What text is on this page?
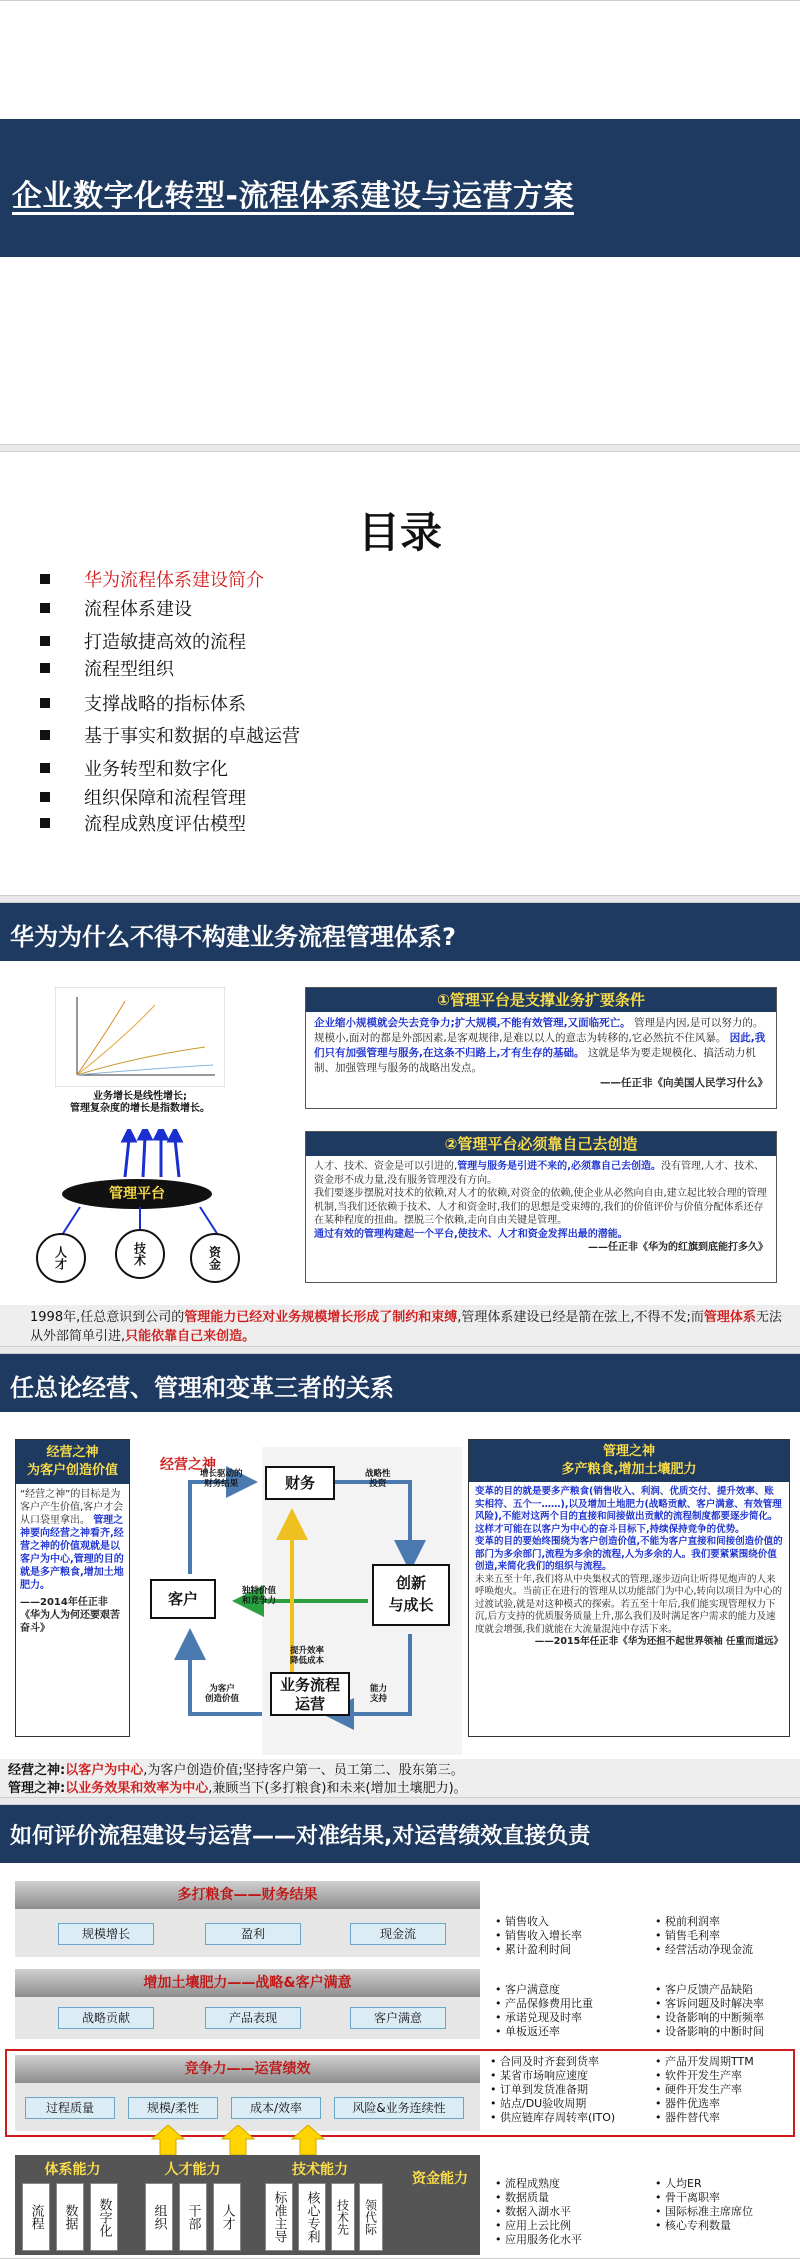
企业数字化转型-流程体系建设与运营方案
目录
华为流程体系建设简介
流程体系建设
打造敏捷高效的流程
流程型组织
支撑战略的指标体系
基于事实和数据的卓越运营
业务转型和数字化
组织保障和流程管理
流程成熟度评估模型
华为为什么不得不构建业务流程管理体系?
业务增长是线性增长;
管理复杂度的增长是指数增长。
管理平台
人才	技术	资金
①管理平台是支撑业务扩要条件
企业缩小规模就会失去竞争力;扩大规模,不能有效管理,又面临死亡。 管理是内因,是可以努力的。规模小,面对的都是外部因素,是客观规律,是难以以人的意志为转移的,它必然抗不住风暴。 因此,我们只有加强管理与服务,在这条不归路上,才有生存的基础。 这就是华为要走规模化、搞活动力机制、加强管理与服务的战略出发点。
——任正非《向美国人民学习什么》
②管理平台必须靠自己去创造
人才、技术、资金是可以引进的,管理与服务是引进不来的,必须靠自己去创造。没有管理,人才、技术、资金形不成力量,没有服务管理没有方向。
我们要逐步摆脱对技术的依赖,对人才的依赖,对资金的依赖,使企业从必然向自由,建立起比较合理的管理机制,当我们还依赖于技术、人才和资金时,我们的思想是受束缚的,我们的价值评价与价值分配体系还存在某种程度的扭曲。摆脱三个依赖,走向自由关键是管理。
通过有效的管理构建起一个平台,使技术、人才和资金发挥出最的潜能。
——任正非《华为的红旗到底能打多久》
1998年,任总意识到公司的管理能力已经对业务规模增长形成了制约和束缚,管理体系建设已经是箭在弦上,不得不发;而管理体系无法从外部简单引进,只能依靠自己来创造。
任总论经营、管理和变革三者的关系
经营之神
为客户创造价值
“经营之神”的目标是为客户产生价值,客户才会从口袋里拿出。 管理之神要向经营之神看齐,经营之神的价值观就是以客户为中心,管理的目的就是多产粮食,增加土地肥力。
——2014年任正非《华为人为何还要艰苦奋斗》
经营之神
财务
客户
创新
与成长
业务流程
运营
增长驱动的
财务结果
战略性
投资
独特价值
和竞争力
提升效率
降低成本
为客户
创造价值
能力
支持
管理之神
多产粮食,增加土壤肥力
变革的目的就是要多产粮食(销售收入、利润、优质交付、提升效率、账实相符、五个一……),以及增加土地肥力(战略贡献、客户满意、有效管理风险),不能对这两个目的直接和间接做出贡献的流程制度都要逐步简化。这样才可能在以客户为中心的奋斗目标下,持续保持竞争的优势。
变革的目的要始终围绕为客户创造价值,不能为客户直接和间接创造价值的部门为多余部门,流程为多余的流程,人为多余的人。我们要紧紧围绕价值创造,来简化我们的组织与流程。
未来五至十年,我们将从中央集权式的管理,逐步迈向让听得见炮声的人来呼唤炮火。当前正在进行的管理从以功能部门为中心,转向以项目为中心的过渡试验,就是对这种模式的探索。若五至十年后,我们能实现管理权力下沉,后方支持的优质服务质量上升,那么我们及时满足客户需求的能力及速度就会增强,我们就能在大流量混沌中存活下来。
——2015年任正非《华为还担不起世界领袖 任重而道远》
经营之神:以客户为中心,为客户创造价值;坚持客户第一、员工第二、股东第三。
管理之神:以业务效果和效率为中心,兼顾当下(多打粮食)和未来(增加土壤肥力)。
如何评价流程建设与运营——对准结果,对运营绩效直接负责
多打粮食——财务结果
规模增长	盈利	现金流
增加土壤肥力——战略&客户满意
战略贡献	产品表现	客户满意
竞争力——运营绩效
过程质量	规模/柔性	成本/效率	风险&业务连续性
体系能力
流程	数据	数字化
人才能力
组织	干部	人才
技术能力
标准主导	核心专利	技术先	领代际
资金能力
• 销售收入
• 销售收入增长率
• 累计盈利时间
• 税前利润率
• 销售毛利率
• 经营活动净现金流
• 客户满意度
• 产品保修费用比重
• 承诺兑现及时率
• 单板返还率
• 客户反馈产品缺陷
• 客诉问题及时解决率
• 设备影响的中断频率
• 设备影响的中断时间
• 合同及时齐套到货率
• 某省市场响应速度
• 订单到发货准备期
• 站点/DU验收周期
• 供应链库存周转率(ITO)
• 产品开发周期TTM
• 软件开发生产率
• 硬件开发生产率
• 器件优选率
• 器件替代率
• 流程成熟度
• 数据质量
• 数据入湖水平
• 应用上云比例
• 应用服务化水平
• 人均ER
• 骨干离职率
• 国际标准主席席位
• 核心专利数量
